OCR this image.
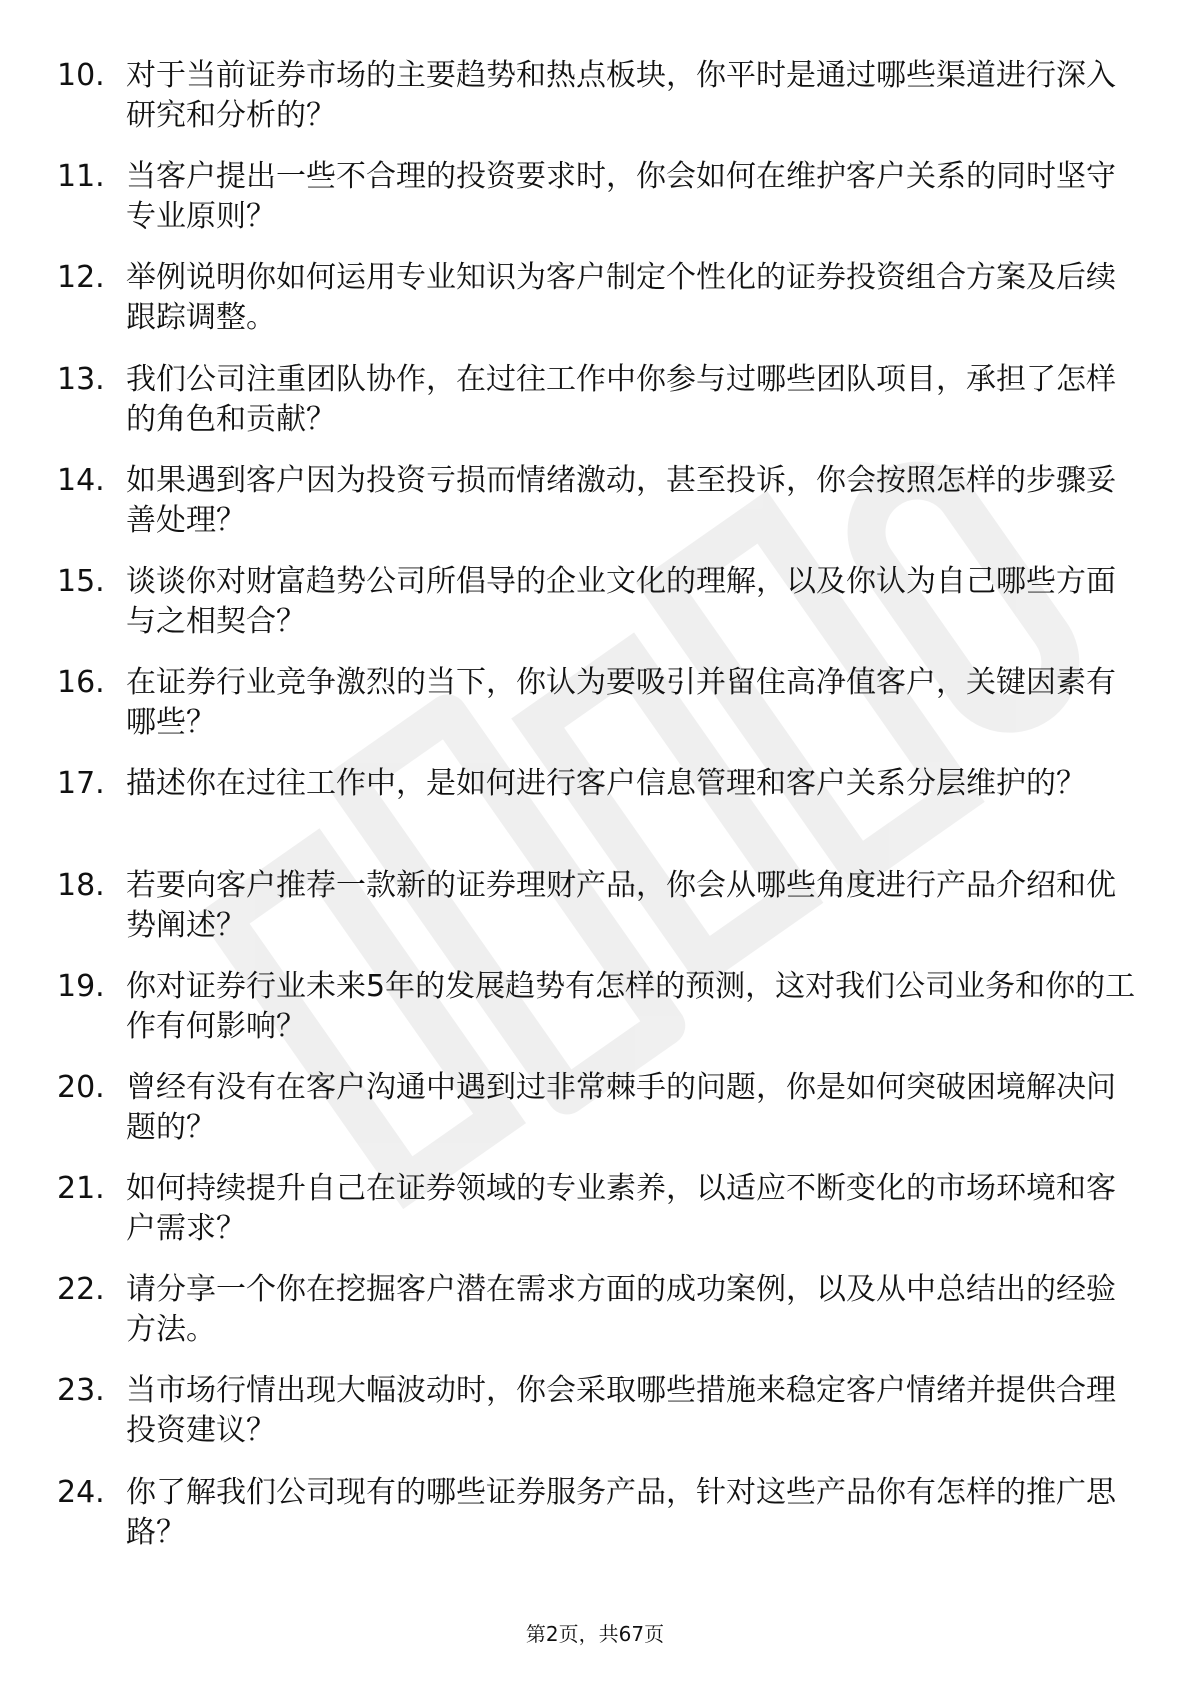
10. 对于当前证券市场的主要趋势和热点板块，你平时是通过哪些渠道进行深入研究和分析的？

11. 当客户提出一些不合理的投资要求时，你会如何在维护客户关系的同时坚守专业原则？

12. 举例说明你如何运用专业知识为客户制定个性化的证券投资组合方案及后续跟踪调整。

13. 我们公司注重团队协作，在过往工作中你参与过哪些团队项目，承担了怎样的角色和贡献？

14. 如果遇到客户因为投资亏损而情绪激动，甚至投诉，你会按照怎样的步骤妥善处理？

15. 谈谈你对财富趋势公司所倡导的企业文化的理解，以及你认为自己哪些方面与之相契合？

16. 在证券行业竞争激烈的当下，你认为要吸引并留住高净值客户，关键因素有哪些？

17. 描述你在过往工作中，是如何进行客户信息管理和客户关系分层维护的？

18. 若要向客户推荐一款新的证券理财产品，你会从哪些角度进行产品介绍和优势阐述？

19. 你对证券行业未来5年的发展趋势有怎样的预测，这对我们公司业务和你的工作有何影响？

20. 曾经有没有在客户沟通中遇到过非常棘手的问题，你是如何突破困境解决问题的？

21. 如何持续提升自己在证券领域的专业素养，以适应不断变化的市场环境和客户需求？

22. 请分享一个你在挖掘客户潜在需求方面的成功案例，以及从中总结出的经验方法。

23. 当市场行情出现大幅波动时，你会采取哪些措施来稳定客户情绪并提供合理投资建议？

24. 你了解我们公司现有的哪些证券服务产品，针对这些产品你有怎样的推广思路？

第2页，共67页
